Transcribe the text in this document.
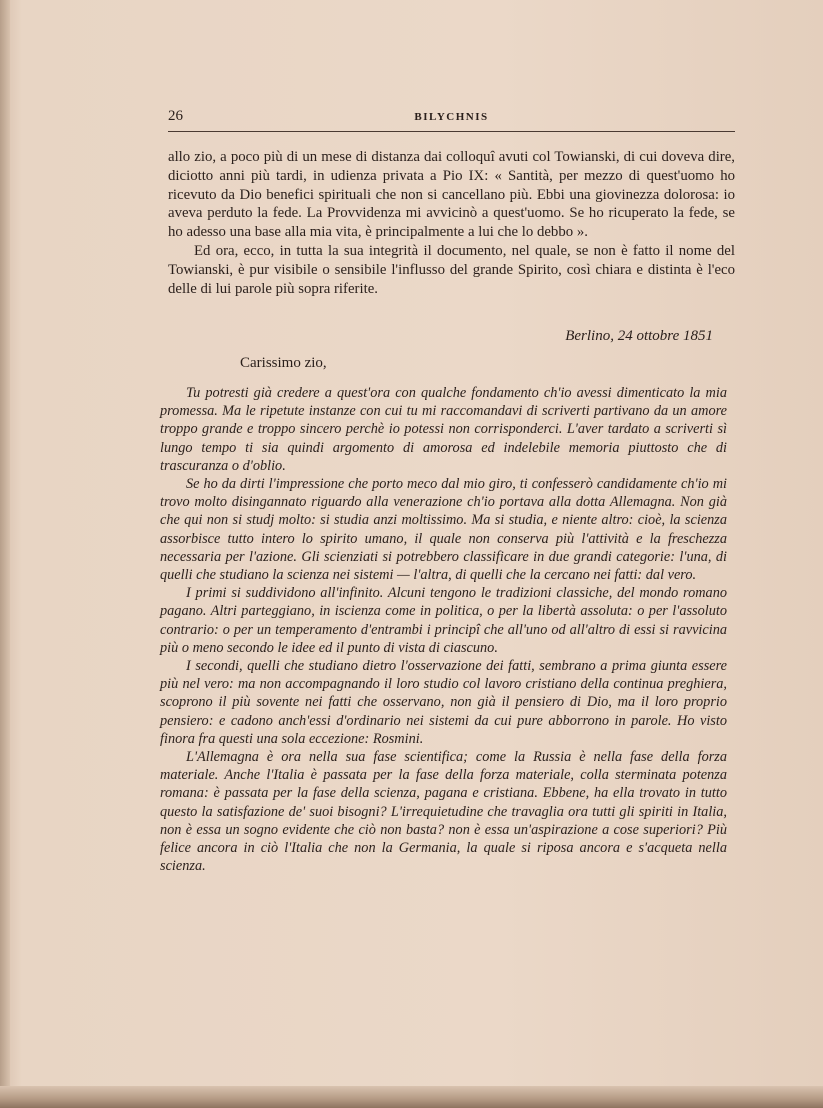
26	BILYCHNIS

allo zio, a poco più di un mese di distanza dai colloquî avuti col Towianski, di cui doveva dire, diciotto anni più tardi, in udienza privata a Pio IX: « Santità, per mezzo di quest'uomo ho ricevuto da Dio benefici spirituali che non si cancellano più. Ebbi una giovinezza dolorosa: io aveva perduto la fede. La Provvidenza mi avvicinò a quest'uomo. Se ho ricuperato la fede, se ho adesso una base alla mia vita, è principalmente a lui che lo debbo ».

Ed ora, ecco, in tutta la sua integrità il documento, nel quale, se non è fatto il nome del Towianski, è pur visibile o sensibile l'influsso del grande Spirito, così chiara e distinta è l'eco delle di lui parole più sopra riferite.

Berlino, 24 ottobre 1851
Carissimo zio,

Tu potresti già credere a quest'ora con qualche fondamento ch'io avessi dimenticato la mia promessa. Ma le ripetute instanze con cui tu mi raccomandavi di scriverti partivano da un amore troppo grande e troppo sincero perchè io potessi non corrisponderci. L'aver tardato a scriverti sì lungo tempo ti sia quindi argomento di amorosa ed indelebile memoria piuttosto che di trascuranza o d'oblio.

Se ho da dirti l'impressione che porto meco dal mio giro, ti confesserò candidamente ch'io mi trovo molto disingannato riguardo alla venerazione ch'io portava alla dotta Allemagna. Non già che qui non si studj molto: si studia anzi moltissimo. Ma si studia, e niente altro: cioè, la scienza assorbisce tutto intero lo spirito umano, il quale non conserva più l'attività e la freschezza necessaria per l'azione. Gli scienziati si potrebbero classificare in due grandi categorie: l'una, di quelli che studiano la scienza nei sistemi — l'altra, di quelli che la cercano nei fatti: dal vero.

I primi si suddividono all'infinito. Alcuni tengono le tradizioni classiche, del mondo romano pagano. Altri parteggiano, in iscienza come in politica, o per la libertà assoluta: o per l'assoluto contrario: o per un temperamento d'entrambi i principî che all'uno od all'altro di essi si ravvicina più o meno secondo le idee ed il punto di vista di ciascuno.

I secondi, quelli che studiano dietro l'osservazione dei fatti, sembrano a prima giunta essere più nel vero: ma non accompagnando il loro studio col lavoro cristiano della continua preghiera, scoprono il più sovente nei fatti che osservano, non già il pensiero di Dio, ma il loro proprio pensiero: e cadono anch'essi d'ordinario nei sistemi da cui pure abborrono in parole. Ho visto finora fra questi una sola eccezione: Rosmini.

L'Allemagna è ora nella sua fase scientifica; come la Russia è nella fase della forza materiale. Anche l'Italia è passata per la fase della forza materiale, colla sterminata potenza romana: è passata per la fase della scienza, pagana e cristiana. Ebbene, ha ella trovato in tutto questo la satisfazione de' suoi bisogni? L'irrequietudine che travaglia ora tutti gli spiriti in Italia, non è essa un sogno evidente che ciò non basta? non è essa un'aspirazione a cose superiori? Più felice ancora in ciò l'Italia che non la Germania, la quale si riposa ancora e s'acqueta nella scienza.
